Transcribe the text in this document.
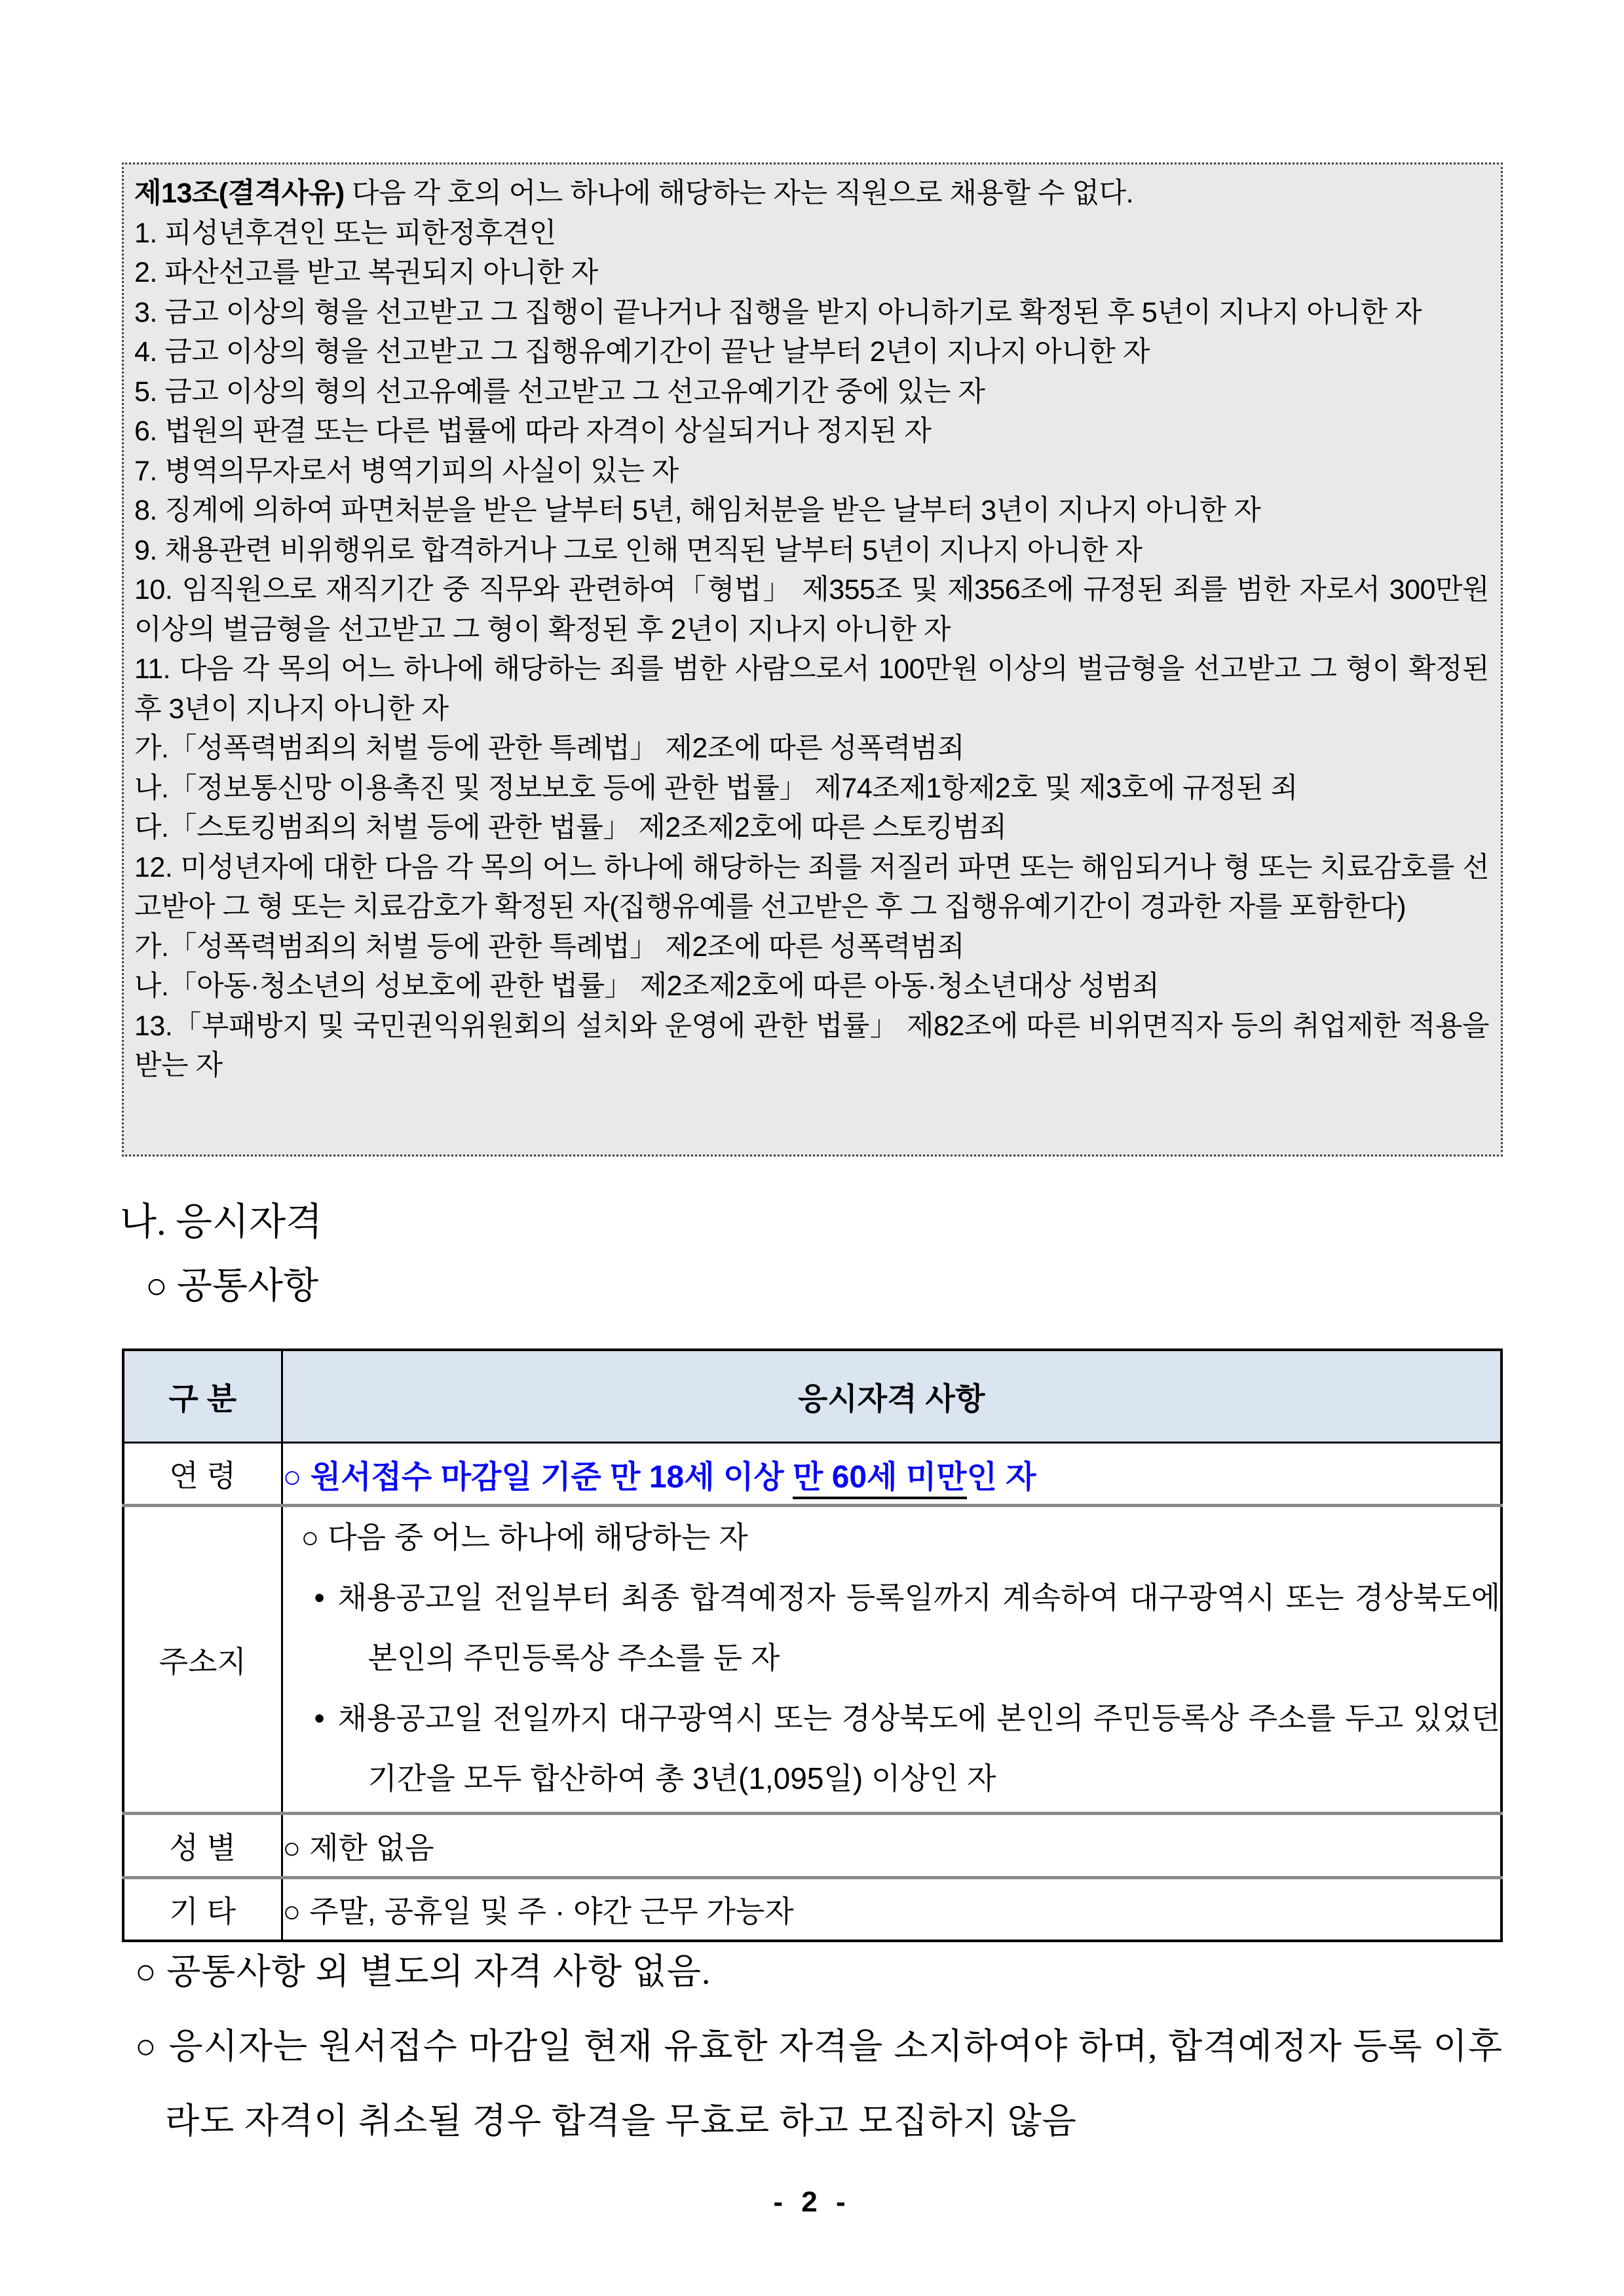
제13조(결격사유) 다음 각 호의 어느 하나에 해당하는 자는 직원으로 채용할 수 없다.

1. 피성년후견인 또는 피한정후견인

2. 파산선고를 받고 복권되지 아니한 자

3. 금고 이상의 형을 선고받고 그 집행이 끝나거나 집행을 받지 아니하기로 확정된 후 5년이 지나지 아니한 자

4. 금고 이상의 형을 선고받고 그 집행유예기간이 끝난 날부터 2년이 지나지 아니한 자

5. 금고 이상의 형의 선고유예를 선고받고 그 선고유예기간 중에 있는 자

6. 법원의 판결 또는 다른 법률에 따라 자격이 상실되거나 정지된 자

7. 병역의무자로서 병역기피의 사실이 있는 자

8. 징계에 의하여 파면처분을 받은 날부터 5년, 해임처분을 받은 날부터 3년이 지나지 아니한 자

9. 채용관련 비위행위로 합격하거나 그로 인해 면직된 날부터 5년이 지나지 아니한 자

10. 임직원으로 재직기간 중 직무와 관련하여「형법」 제355조 및 제356조에 규정된 죄를 범한 자로서 300만원 이상의 벌금형을 선고받고 그 형이 확정된 후 2년이 지나지 아니한 자

11. 다음 각 목의 어느 하나에 해당하는 죄를 범한 사람으로서 100만원 이상의 벌금형을 선고받고 그 형이 확정된 후 3년이 지나지 아니한 자

가.「성폭력범죄의 처벌 등에 관한 특례법」 제2조에 따른 성폭력범죄

나.「정보통신망 이용촉진 및 정보보호 등에 관한 법률」 제74조제1항제2호 및 제3호에 규정된 죄

다.「스토킹범죄의 처벌 등에 관한 법률」 제2조제2호에 따른 스토킹범죄

12. 미성년자에 대한 다음 각 목의 어느 하나에 해당하는 죄를 저질러 파면 또는 해임되거나 형 또는 치료감호를 선고받아 그 형 또는 치료감호가 확정된 자(집행유예를 선고받은 후 그 집행유예기간이 경과한 자를 포함한다)

가.「성폭력범죄의 처벌 등에 관한 특례법」 제2조에 따른 성폭력범죄

나.「아동·청소년의 성보호에 관한 법률」 제2조제2호에 따른 아동·청소년대상 성범죄

13.「부패방지 및 국민권익위원회의 설치와 운영에 관한 법률」 제82조에 따른 비위면직자 등의 취업제한 적용을 받는 자

나. 응시자격
○ 공통사항
구 분	응시자격 사항
연 령	○ 원서접수 마감일 기준 만 18세 이상 만 60세 미만인 자
주소지	○ 다음 중 어느 하나에 해당하는 자
• 채용공고일 전일부터 최종 합격예정자 등록일까지 계속하여 대구광역시 또는 경상북도에 본인의 주민등록상 주소를 둔 자
• 채용공고일 전일까지 대구광역시 또는 경상북도에 본인의 주민등록상 주소를 두고 있었던 기간을 모두 합산하여 총 3년(1,095일) 이상인 자

성 별	○ 제한 없음
기 타	○ 주말, 공휴일 및 주 · 야간 근무 가능자

○ 공통사항 외 별도의 자격 사항 없음.

○ 응시자는 원서접수 마감일 현재 유효한 자격을 소지하여야 하며, 합격예정자 등록 이후라도 자격이 취소될 경우 합격을 무효로 하고 모집하지 않음

- 2 -
